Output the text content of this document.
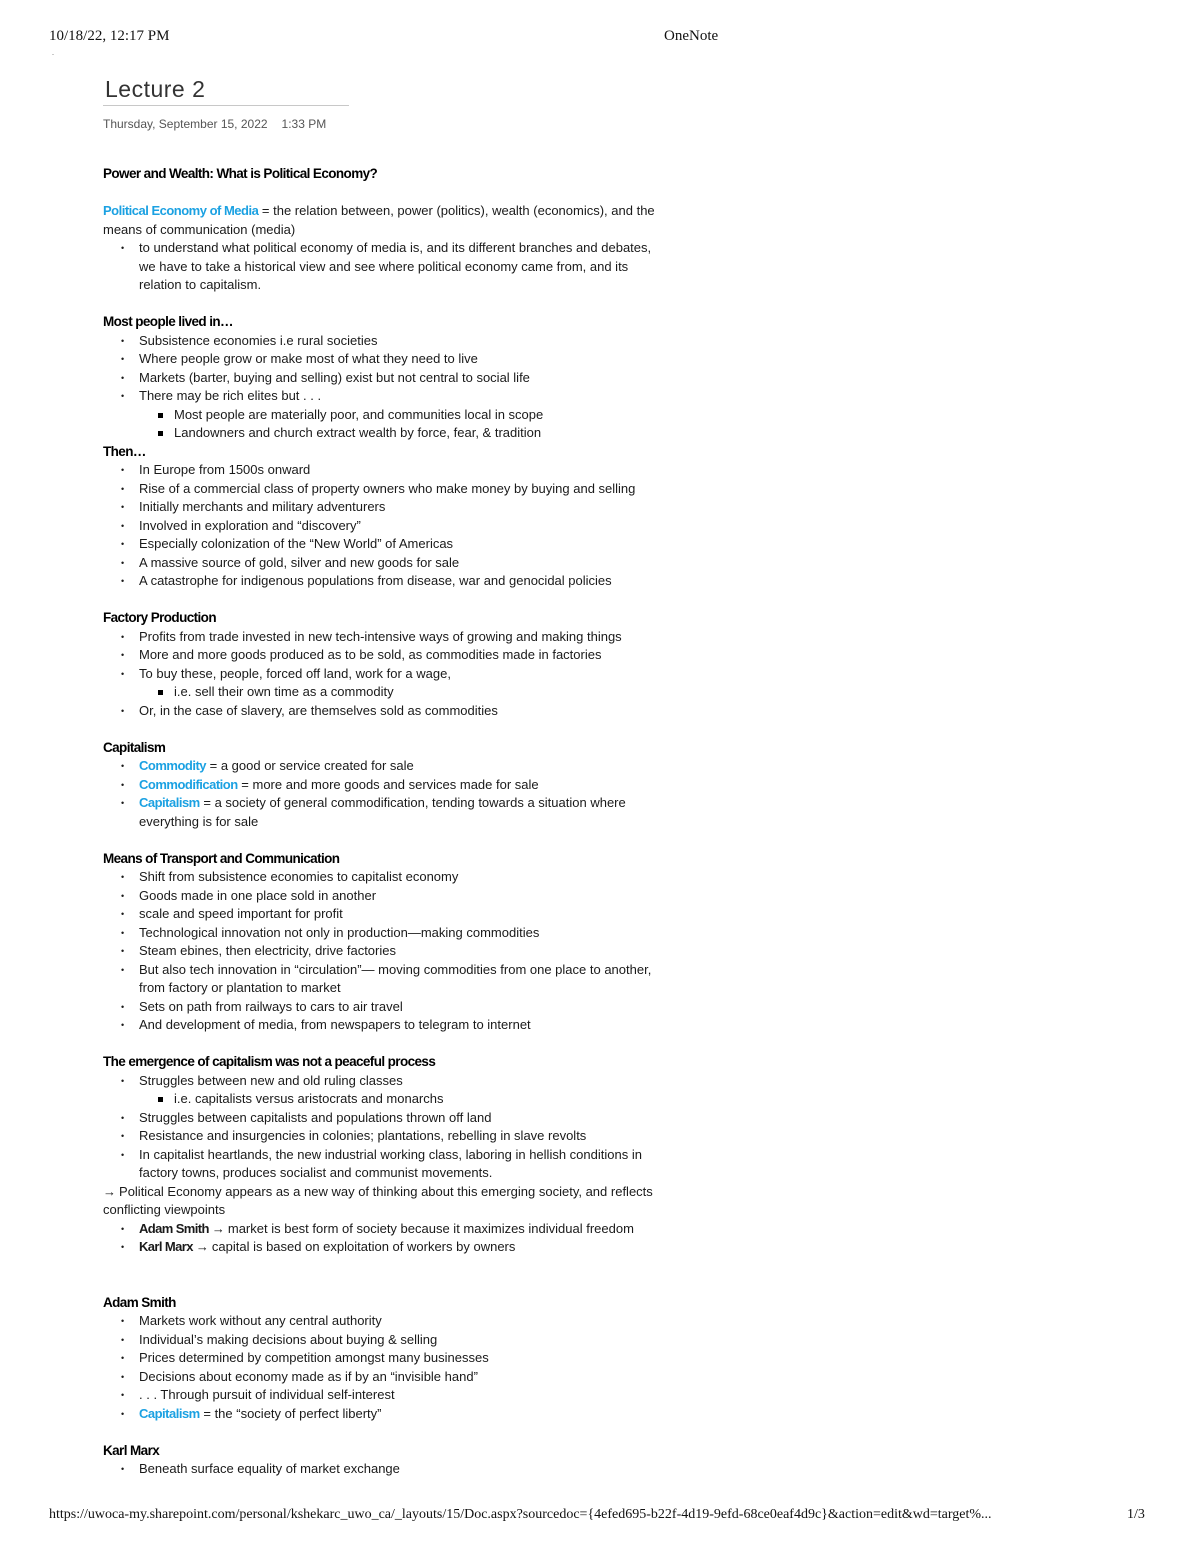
10/18/22, 12:17 PM	OneNote
.
Lecture 2
Thursday, September 15, 2022 1:33 PM
Power and Wealth: What is Political Economy?
Political Economy of Media = the relation between, power (politics), wealth (economics), and the
means of communication (media)
• to understand what political economy of media is, and its different branches and debates,
we have to take a historical view and see where political economy came from, and its
relation to capitalism.
Most people lived in…
• Subsistence economies i.e rural societies
• Where people grow or make most of what they need to live
• Markets (barter, buying and selling) exist but not central to social life
• There may be rich elites but . . .
Most people are materially poor, and communities local in scope
Landowners and church extract wealth by force, fear, & tradition
Then…
• In Europe from 1500s onward
• Rise of a commercial class of property owners who make money by buying and selling
• Initially merchants and military adventurers
• Involved in exploration and “discovery”
• Especially colonization of the “New World” of Americas
• A massive source of gold, silver and new goods for sale
• A catastrophe for indigenous populations from disease, war and genocidal policies
Factory Production
• Profits from trade invested in new tech-intensive ways of growing and making things
• More and more goods produced as to be sold, as commodities made in factories
• To buy these, people, forced off land, work for a wage,
i.e. sell their own time as a commodity
• Or, in the case of slavery, are themselves sold as commodities
Capitalism
• Commodity = a good or service created for sale
• Commodification = more and more goods and services made for sale
• Capitalism = a society of general commodification, tending towards a situation where
everything is for sale
Means of Transport and Communication
• Shift from subsistence economies to capitalist economy
• Goods made in one place sold in another
• scale and speed important for profit
• Technological innovation not only in production—making commodities
• Steam ebines, then electricity, drive factories
• But also tech innovation in “circulation”— moving commodities from one place to another,
from factory or plantation to market
• Sets on path from railways to cars to air travel
• And development of media, from newspapers to telegram to internet
The emergence of capitalism was not a peaceful process
• Struggles between new and old ruling classes
i.e. capitalists versus aristocrats and monarchs
• Struggles between capitalists and populations thrown off land
• Resistance and insurgencies in colonies; plantations, rebelling in slave revolts
• In capitalist heartlands, the new industrial working class, laboring in hellish conditions in
factory towns, produces socialist and communist movements.
→ Political Economy appears as a new way of thinking about this emerging society, and reflects
conflicting viewpoints
• Adam Smith → market is best form of society because it maximizes individual freedom
• Karl Marx → capital is based on exploitation of workers by owners
Adam Smith
• Markets work without any central authority
• Individual’s making decisions about buying & selling
• Prices determined by competition amongst many businesses
• Decisions about economy made as if by an “invisible hand”
• . . . Through pursuit of individual self-interest
• Capitalism = the “society of perfect liberty”
Karl Marx
• Beneath surface equality of market exchange
https://uwoca-my.sharepoint.com/personal/kshekarc_uwo_ca/_layouts/15/Doc.aspx?sourcedoc={4efed695-b22f-4d19-9efd-68ce0eaf4d9c}&action=edit&wd=target%...	1/3
